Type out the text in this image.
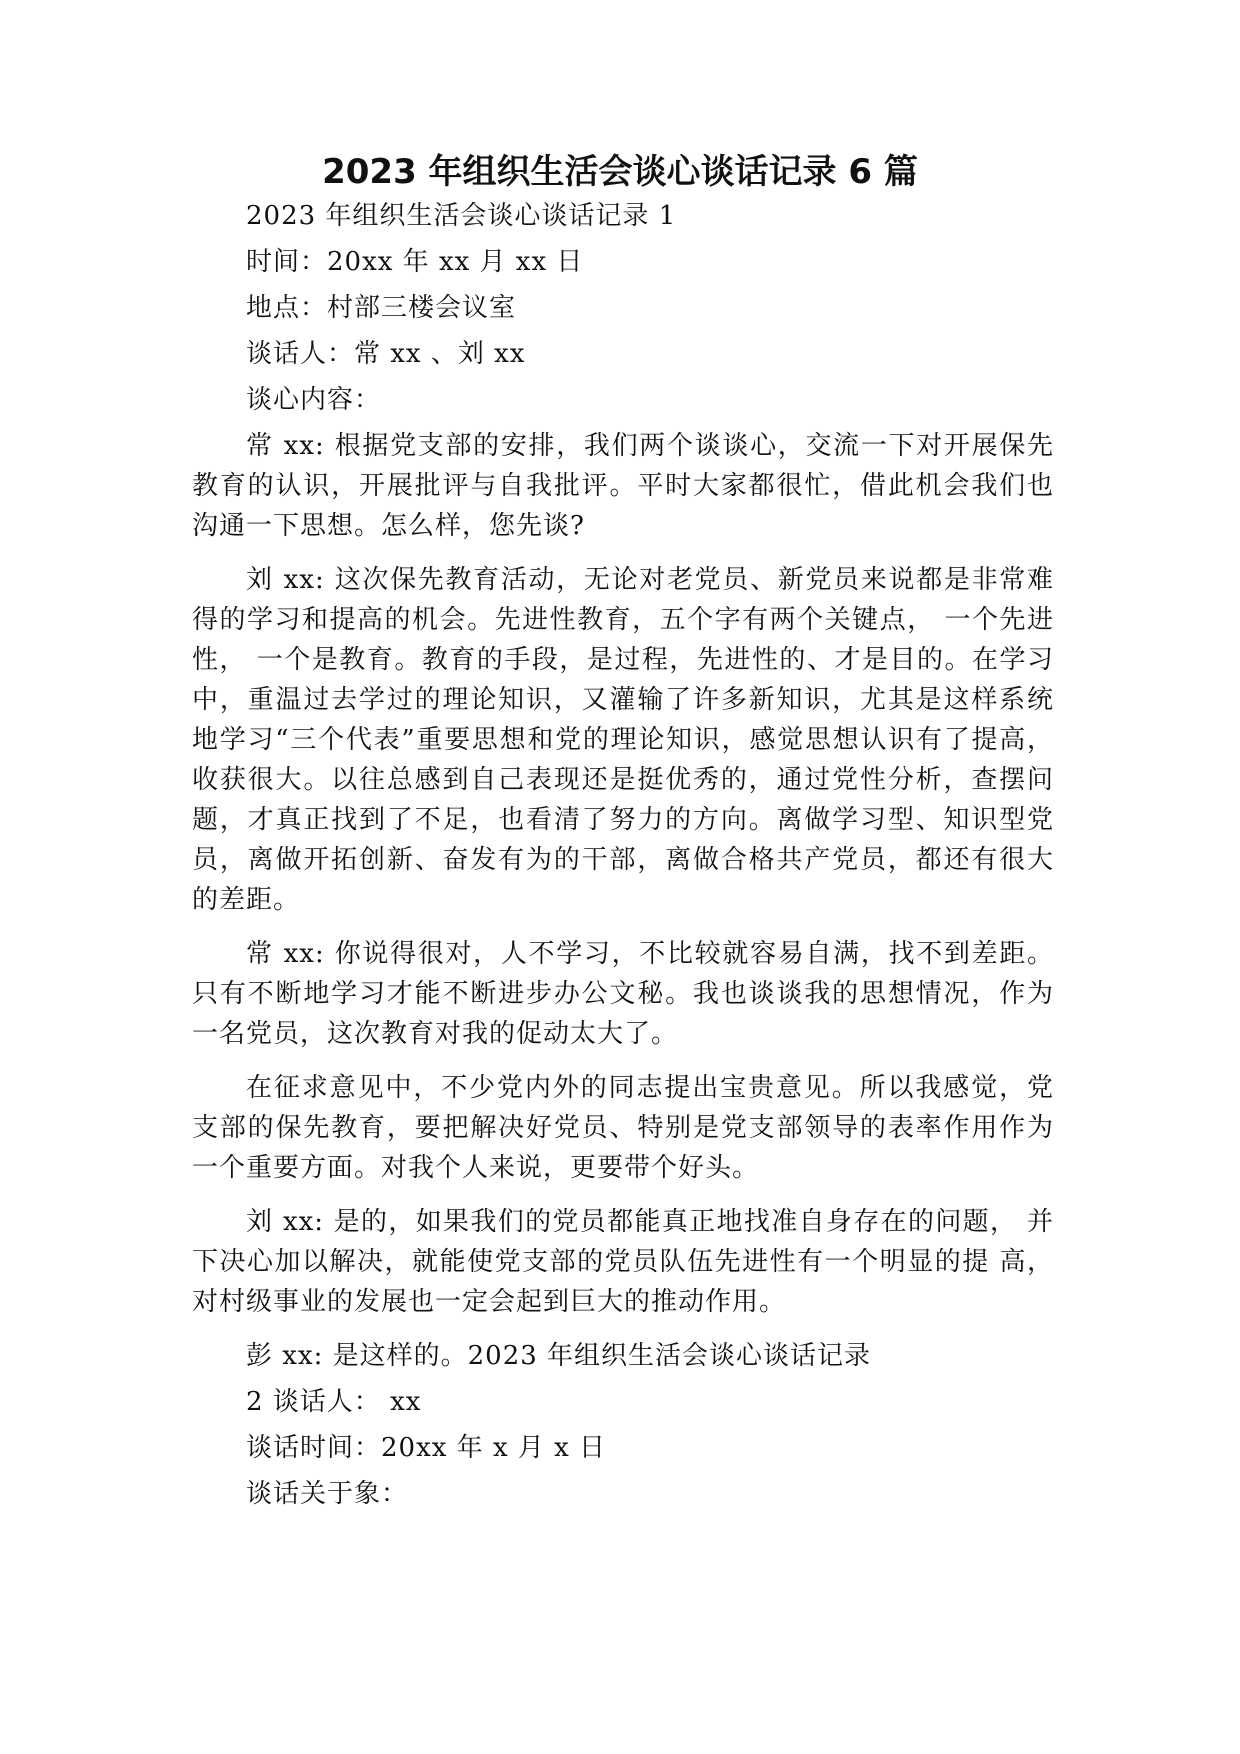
2023 年组织生活会谈心谈话记录 6 篇

2023 年组织生活会谈心谈话记录 1

时间：20xx 年 xx 月 xx 日

地点：村部三楼会议室

谈话人：常 xx 、刘 xx

谈心内容：

常 xx: 根据党支部的安排，我们两个谈谈心，交流一下对开展保先教育的认识，开展批评与自我批评。平时大家都很忙，借此机会我们也沟通一下思想。怎么样，您先谈?

刘 xx: 这次保先教育活动，无论对老党员、新党员来说都是非常难得的学习和提高的机会。先进性教育，五个字有两个关键点， 一个先进性， 一个是教育。教育的手段，是过程，先进性的、才是目的。在学习中，重温过去学过的理论知识，又灌输了许多新知识，尤其是这样系统地学习“三个代表”重要思想和党的理论知识，感觉思想认识有了提高，收获很大。以往总感到自己表现还是挺优秀的，通过党性分析，查摆问题，才真正找到了不足，也看清了努力的方向。离做学习型、知识型党员，离做开拓创新、奋发有为的干部，离做合格共产党员，都还有很大的差距。

常 xx: 你说得很对，人不学习，不比较就容易自满，找不到差距。只有不断地学习才能不断进步办公文秘。我也谈谈我的思想情况，作为一名党员，这次教育对我的促动太大了。

在征求意见中，不少党内外的同志提出宝贵意见。所以我感觉，党支部的保先教育，要把解决好党员、特别是党支部领导的表率作用作为一个重要方面。对我个人来说，更要带个好头。

刘 xx: 是的，如果我们的党员都能真正地找准自身存在的问题， 并下决心加以解决，就能使党支部的党员队伍先进性有一个明显的提 高，对村级事业的发展也一定会起到巨大的推动作用。

彭 xx: 是这样的。2023 年组织生活会谈心谈话记录

2 谈话人： xx

谈话时间：20xx 年 x 月 x 日

谈话关于象：
